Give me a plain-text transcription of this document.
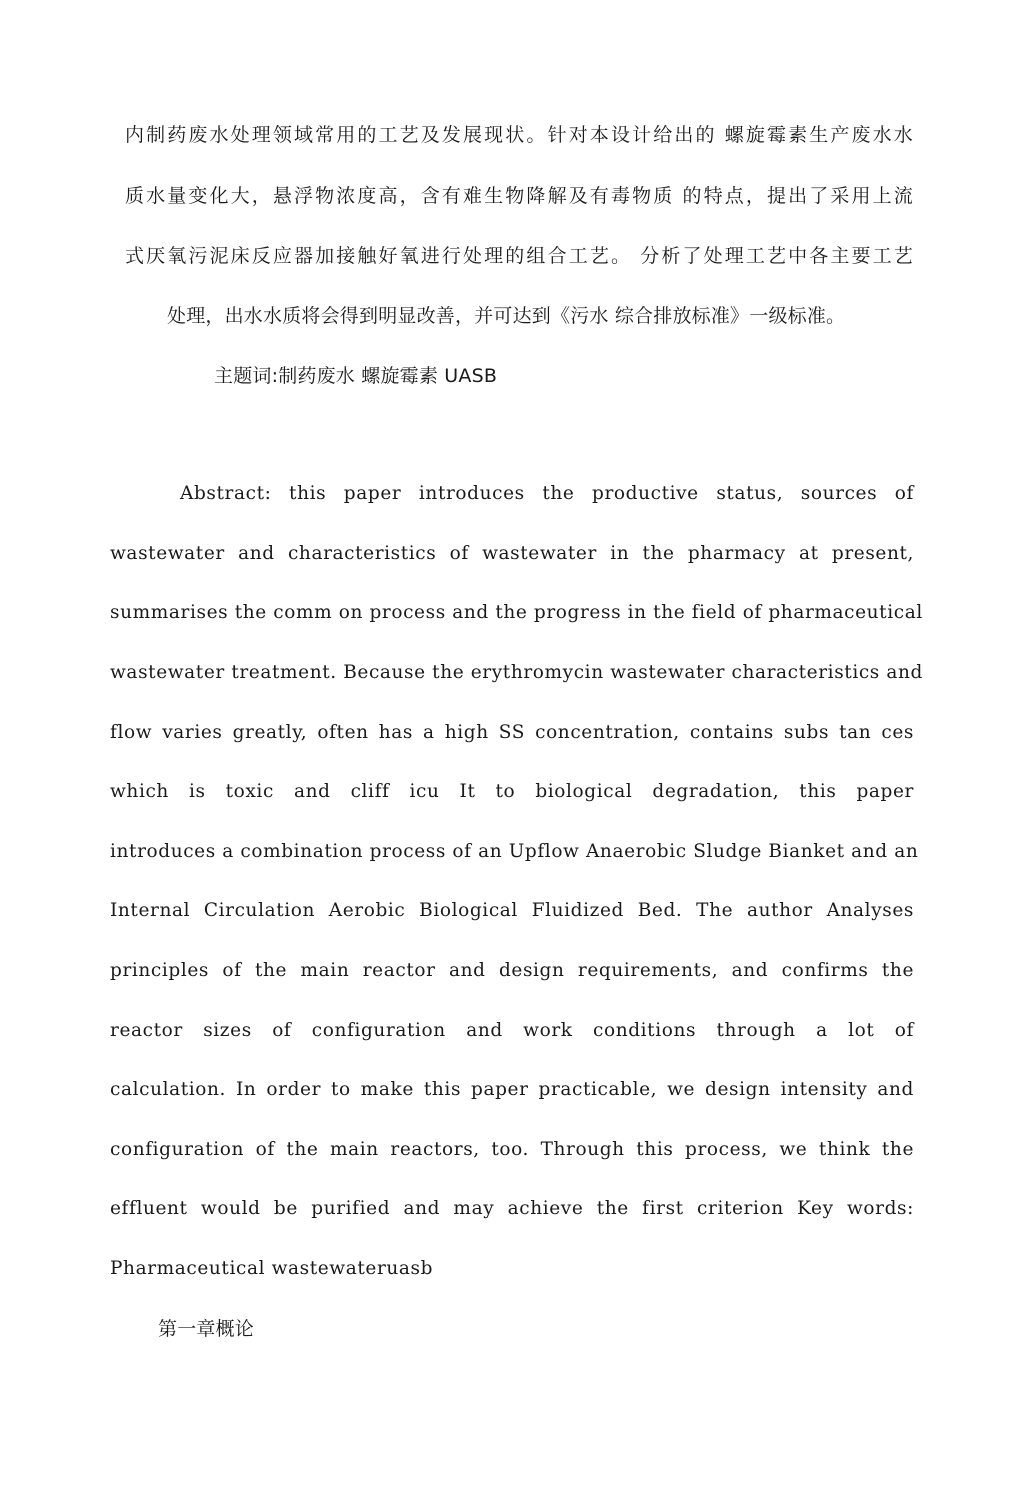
内制药废水处理领域常用的工艺及发展现状。针对本设计给出的 螺旋霉素生产废水水
质水量变化大，悬浮物浓度高，含有难生物降解及有毒物质 的特点，提出了采用上流
式厌氧污泥床反应器加接触好氧进行处理的组合工艺。 分析了处理工艺中各主要工艺
处理，出水水质将会得到明显改善，并可达到《污水 综合排放标准》一级标准。
主题词:制药废水 螺旋霉素 UASB
Abstract: this paper introduces the productive status, sources of
wastewater and characteristics of wastewater in the pharmacy at present,
summarises the comm on process and the progress in the field of pharmaceutical
wastewater treatment. Because the erythromycin wastewater characteristics and
flow varies greatly, often has a high SS concentration, contains subs tan ces
which is toxic and cliff icu It to biological degradation, this paper
introduces a combination process of an Upflow Anaerobic Sludge Bianket and an
Internal Circulation Aerobic Biological Fluidized Bed. The author Analyses
principles of the main reactor and design requirements, and confirms the
reactor sizes of configuration and work conditions through a lot of
calculation. In order to make this paper practicable, we design intensity and
configuration of the main reactors, too. Through this process, we think the
effluent would be purified and may achieve the first criterion Key words:
Pharmaceutical wastewateruasb
第一章概论
